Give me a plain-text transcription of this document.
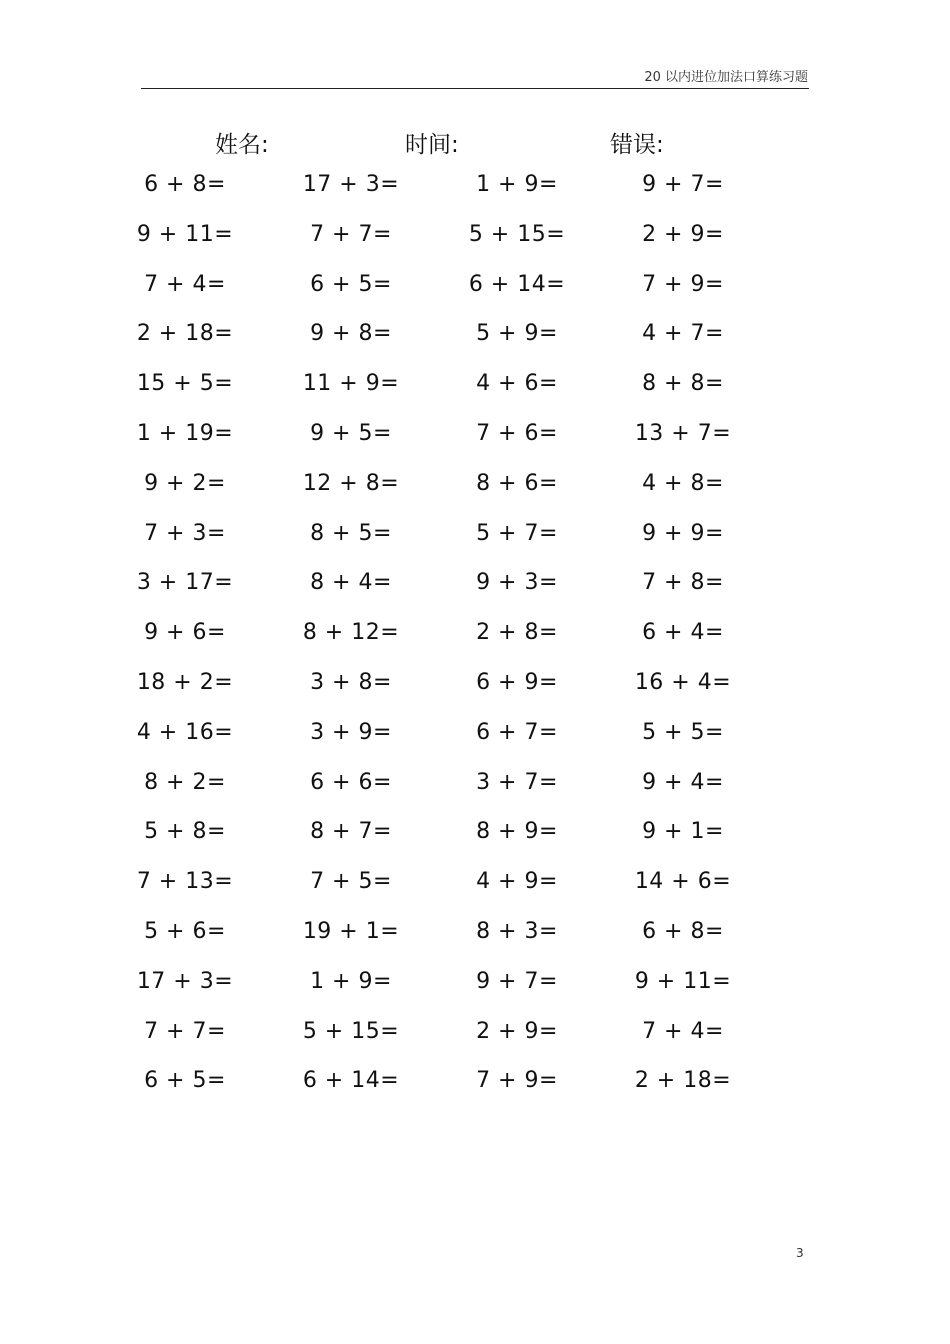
20 以内进位加法口算练习题
姓名:	时间:	错误:
6 + 8=	17 + 3=	1 + 9=	9 + 7=
9 + 11=	7 + 7=	5 + 15=	2 + 9=
7 + 4=	6 + 5=	6 + 14=	7 + 9=
2 + 18=	9 + 8=	5 + 9=	4 + 7=
15 + 5=	11 + 9=	4 + 6=	8 + 8=
1 + 19=	9 + 5=	7 + 6=	13 + 7=
9 + 2=	12 + 8=	8 + 6=	4 + 8=
7 + 3=	8 + 5=	5 + 7=	9 + 9=
3 + 17=	8 + 4=	9 + 3=	7 + 8=
9 + 6=	8 + 12=	2 + 8=	6 + 4=
18 + 2=	3 + 8=	6 + 9=	16 + 4=
4 + 16=	3 + 9=	6 + 7=	5 + 5=
8 + 2=	6 + 6=	3 + 7=	9 + 4=
5 + 8=	8 + 7=	8 + 9=	9 + 1=
7 + 13=	7 + 5=	4 + 9=	14 + 6=
5 + 6=	19 + 1=	8 + 3=	6 + 8=
17 + 3=	1 + 9=	9 + 7=	9 + 11=
7 + 7=	5 + 15=	2 + 9=	7 + 4=
6 + 5=	6 + 14=	7 + 9=	2 + 18=
3
